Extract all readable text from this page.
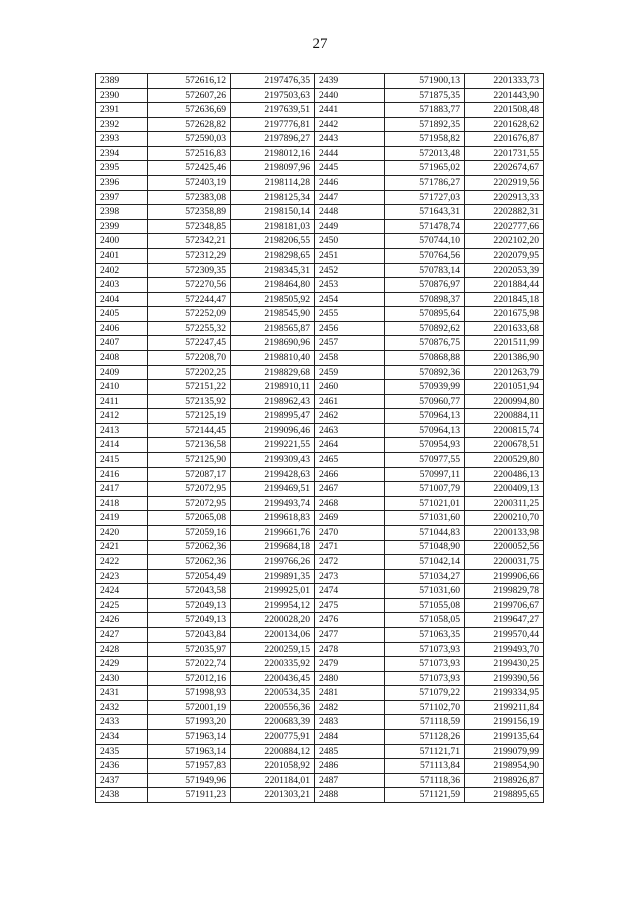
27
2389	572616,12	2197476,35	2439	571900,13	2201333,73
2390	572607,26	2197503,63	2440	571875,35	2201443,90
2391	572636,69	2197639,51	2441	571883,77	2201508,48
2392	572628,82	2197776,81	2442	571892,35	2201628,62
2393	572590,03	2197896,27	2443	571958,82	2201676,87
2394	572516,83	2198012,16	2444	572013,48	2201731,55
2395	572425,46	2198097,96	2445	571965,02	2202674,67
2396	572403,19	2198114,28	2446	571786,27	2202919,56
2397	572383,08	2198125,34	2447	571727,03	2202913,33
2398	572358,89	2198150,14	2448	571643,31	2202882,31
2399	572348,85	2198181,03	2449	571478,74	2202777,66
2400	572342,21	2198206,55	2450	570744,10	2202102,20
2401	572312,29	2198298,65	2451	570764,56	2202079,95
2402	572309,35	2198345,31	2452	570783,14	2202053,39
2403	572270,56	2198464,80	2453	570876,97	2201884,44
2404	572244,47	2198505,92	2454	570898,37	2201845,18
2405	572252,09	2198545,90	2455	570895,64	2201675,98
2406	572255,32	2198565,87	2456	570892,62	2201633,68
2407	572247,45	2198690,96	2457	570876,75	2201511,99
2408	572208,70	2198810,40	2458	570868,88	2201386,90
2409	572202,25	2198829,68	2459	570892,36	2201263,79
2410	572151,22	2198910,11	2460	570939,99	2201051,94
2411	572135,92	2198962,43	2461	570960,77	2200994,80
2412	572125,19	2198995,47	2462	570964,13	2200884,11
2413	572144,45	2199096,46	2463	570964,13	2200815,74
2414	572136,58	2199221,55	2464	570954,93	2200678,51
2415	572125,90	2199309,43	2465	570977,55	2200529,80
2416	572087,17	2199428,63	2466	570997,11	2200486,13
2417	572072,95	2199469,51	2467	571007,79	2200409,13
2418	572072,95	2199493,74	2468	571021,01	2200311,25
2419	572065,08	2199618,83	2469	571031,60	2200210,70
2420	572059,16	2199661,76	2470	571044,83	2200133,98
2421	572062,36	2199684,18	2471	571048,90	2200052,56
2422	572062,36	2199766,26	2472	571042,14	2200031,75
2423	572054,49	2199891,35	2473	571034,27	2199906,66
2424	572043,58	2199925,01	2474	571031,60	2199829,78
2425	572049,13	2199954,12	2475	571055,08	2199706,67
2426	572049,13	2200028,20	2476	571058,05	2199647,27
2427	572043,84	2200134,06	2477	571063,35	2199570,44
2428	572035,97	2200259,15	2478	571073,93	2199493,70
2429	572022,74	2200335,92	2479	571073,93	2199430,25
2430	572012,16	2200436,45	2480	571073,93	2199390,56
2431	571998,93	2200534,35	2481	571079,22	2199334,95
2432	572001,19	2200556,36	2482	571102,70	2199211,84
2433	571993,20	2200683,39	2483	571118,59	2199156,19
2434	571963,14	2200775,91	2484	571128,26	2199135,64
2435	571963,14	2200884,12	2485	571121,71	2199079,99
2436	571957,83	2201058,92	2486	571113,84	2198954,90
2437	571949,96	2201184,01	2487	571118,36	2198926,87
2438	571911,23	2201303,21	2488	571121,59	2198895,65
